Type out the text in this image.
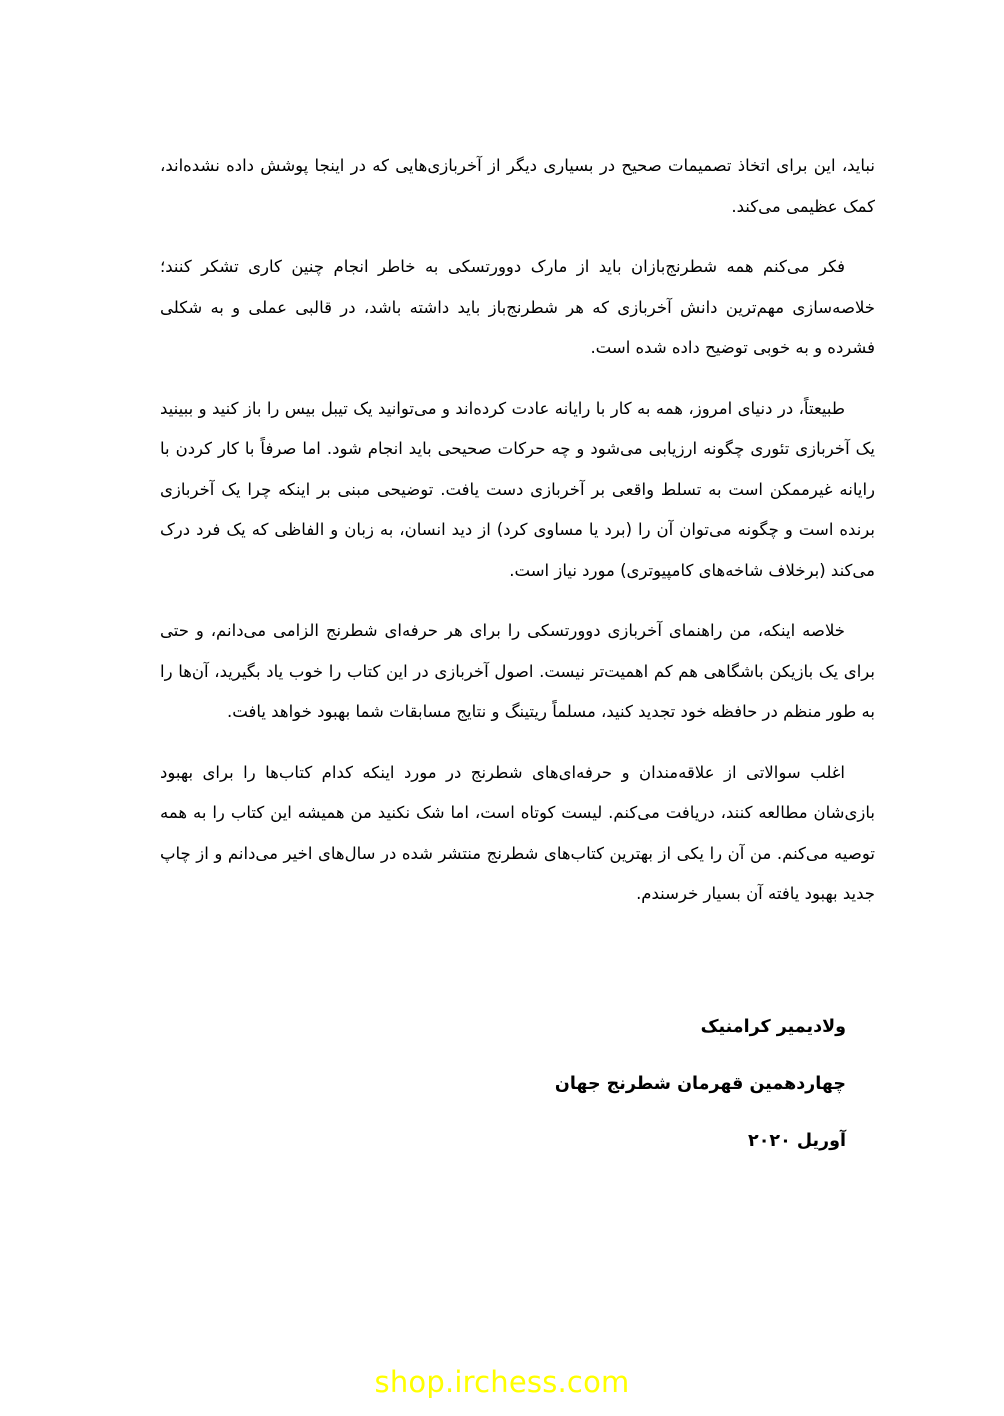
نباید، این برای اتخاذ تصمیمات صحیح در بسیاری دیگر از آخربازی‌هایی که در اینجا پوشش داده نشده‌اند، کمک عظیمی می‌کند.

فکر می‌کنم همه شطرنج‌بازان باید از مارک دوورتسکی به خاطر انجام چنین کاری تشکر کنند؛ خلاصه‌سازی مهم‌ترین دانش آخربازی که هر شطرنج‌باز باید داشته باشد، در قالبی عملی و به شکلی فشرده و به خوبی توضیح داده شده است.

طبیعتاً، در دنیای امروز، همه به کار با رایانه عادت کرده‌اند و می‌توانید یک تیبل بیس را باز کنید و ببینید یک آخربازی تئوری چگونه ارزیابی می‌شود و چه حرکات صحیحی باید انجام شود. اما صرفاً با کار کردن با رایانه غیرممکن است به تسلط واقعی بر آخربازی دست یافت. توضیحی مبنی بر اینکه چرا یک آخربازی برنده است و چگونه می‌توان آن را (برد یا مساوی کرد) از دید انسان، به زبان و الفاظی که یک فرد درک می‌کند (برخلاف شاخه‌های کامپیوتری) مورد نیاز است.

خلاصه اینکه، من راهنمای آخربازی دوورتسکی را برای هر حرفه‌ای شطرنج الزامی می‌دانم، و حتی برای یک بازیکن باشگاهی هم کم اهمیت‌تر نیست. اصول آخربازی در این کتاب را خوب یاد بگیرید، آن‌ها را به طور منظم در حافظه خود تجدید کنید، مسلماً ریتینگ و نتایج مسابقات شما بهبود خواهد یافت.

اغلب سوالاتی از علاقه‌مندان و حرفه‌ای‌های شطرنج در مورد اینکه کدام کتاب‌ها را برای بهبود بازی‌شان مطالعه کنند، دریافت می‌کنم. لیست کوتاه است، اما شک نکنید من همیشه این کتاب را به همه توصیه می‌کنم. من آن را یکی از بهترین کتاب‌های شطرنج منتشر شده در سال‌های اخیر می‌دانم و از چاپ جدید بهبود یافته آن بسیار خرسندم.

ولادیمیر کرامنیک
چهاردهمین قهرمان شطرنج جهان
آوریل ۲۰۲۰
shop.irchess.com
